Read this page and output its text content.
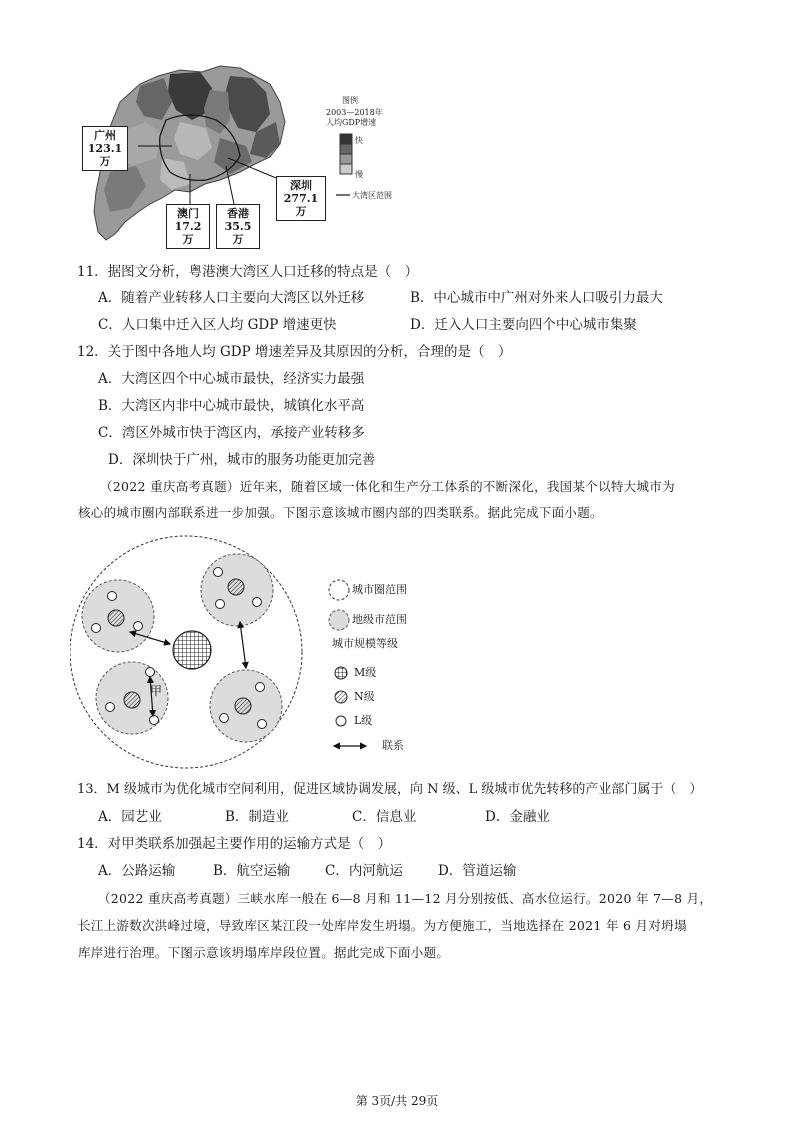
广州
123.1万
澳门
17.2万
香港
35.5万
深圳
277.1万
图例
2003—2018年
人均GDP增速
快
慢
大湾区范围
11．据图文分析，粤港澳大湾区人口迁移的特点是（　）
A．随着产业转移人口主要向大湾区以外迁移	B．中心城市中广州对外来人口吸引力最大
C．人口集中迁入区人均 GDP 增速更快	D．迁入人口主要向四个中心城市集聚
12．关于图中各地人均 GDP 增速差异及其原因的分析，合理的是（　）
A．大湾区四个中心城市最快，经济实力最强
B．大湾区内非中心城市最快，城镇化水平高
C．湾区外城市快于湾区内，承接产业转移多
D．深圳快于广州，城市的服务功能更加完善
（2022 重庆高考真题）近年来，随着区域一体化和生产分工体系的不断深化，我国某个以特大城市为
核心的城市圈内部联系进一步加强。下图示意该城市圈内部的四类联系。据此完成下面小题。
甲
城市圈范围
地级市范围
城市规模等级
M级
N级
L级
联系
13．M 级城市为优化城市空间利用，促进区域协调发展，向 N 级、L 级城市优先转移的产业部门属于（　）
A．园艺业	B．制造业	C．信息业	D．金融业
14．对甲类联系加强起主要作用的运输方式是（　）
A．公路运输	B．航空运输	C．内河航运	D．管道运输
（2022 重庆高考真题）三峡水库一般在 6—8 月和 11—12 月分别按低、高水位运行。2020 年 7—8 月，
长江上游数次洪峰过境，导致库区某江段一处库岸发生坍塌。为方便施工，当地选择在 2021 年 6 月对坍塌
库岸进行治理。下图示意该坍塌库岸段位置。据此完成下面小题。
第 3页/共 29页
